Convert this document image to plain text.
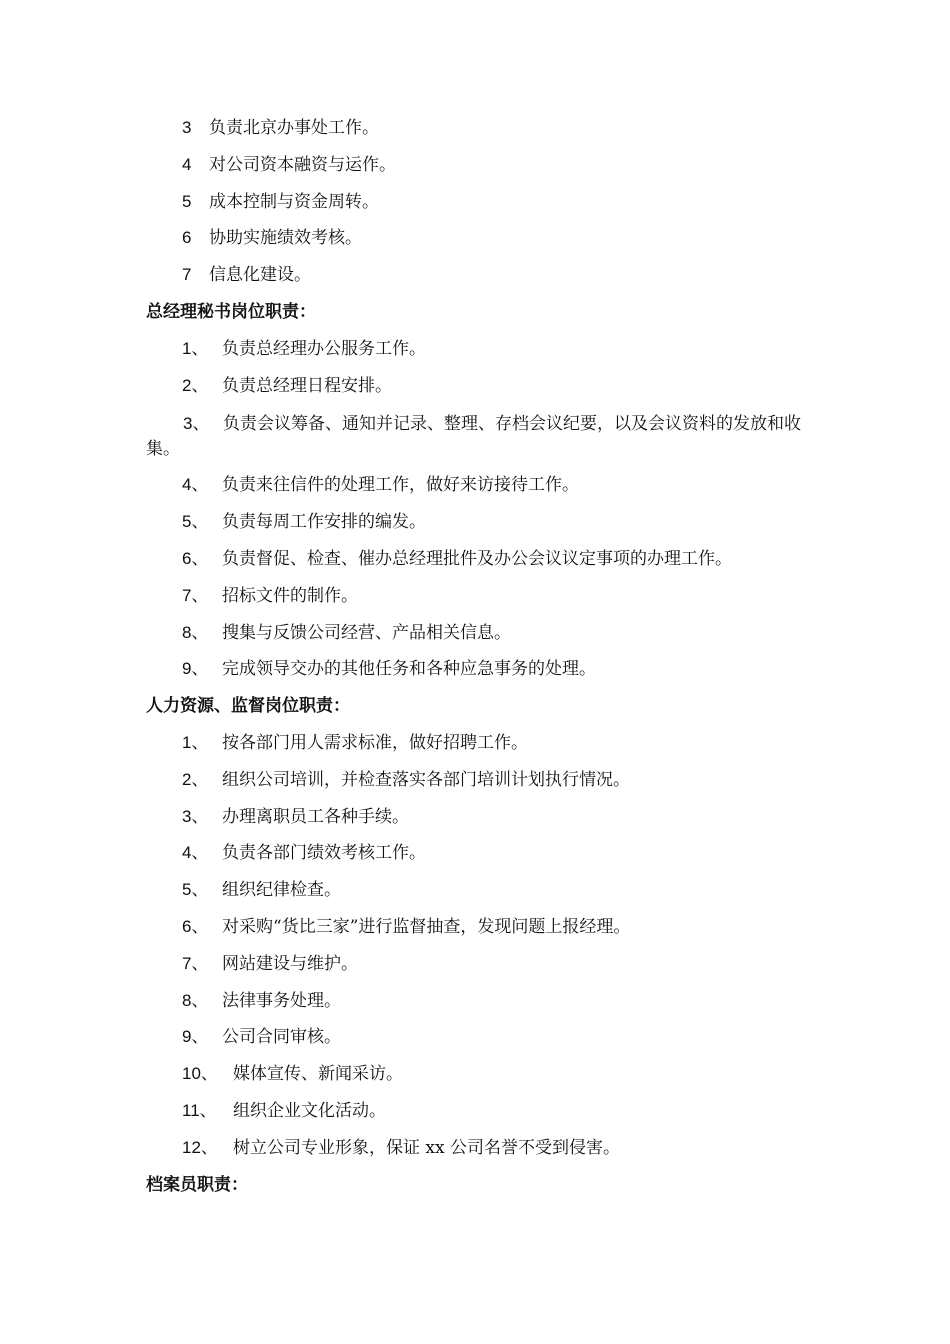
3 负责北京办事处工作。
4 对公司资本融资与运作。
5 成本控制与资金周转。
6 协助实施绩效考核。
7 信息化建设。
总经理秘书岗位职责：
1、 负责总经理办公服务工作。
2、 负责总经理日程安排。
3、 负责会议筹备、通知并记录、整理、存档会议纪要，以及会议资料的发放和收集。
4、 负责来往信件的处理工作，做好来访接待工作。
5、 负责每周工作安排的编发。
6、 负责督促、检查、催办总经理批件及办公会议议定事项的办理工作。
7、 招标文件的制作。
8、 搜集与反馈公司经营、产品相关信息。
9、 完成领导交办的其他任务和各种应急事务的处理。
人力资源、监督岗位职责：
1、 按各部门用人需求标准，做好招聘工作。
2、 组织公司培训，并检查落实各部门培训计划执行情况。
3、 办理离职员工各种手续。
4、 负责各部门绩效考核工作。
5、 组织纪律检查。
6、 对采购“货比三家”进行监督抽查，发现问题上报经理。
7、 网站建设与维护。
8、 法律事务处理。
9、 公司合同审核。
10、 媒体宣传、新闻采访。
11、 组织企业文化活动。
12、 树立公司专业形象，保证 xx 公司名誉不受到侵害。
档案员职责：
